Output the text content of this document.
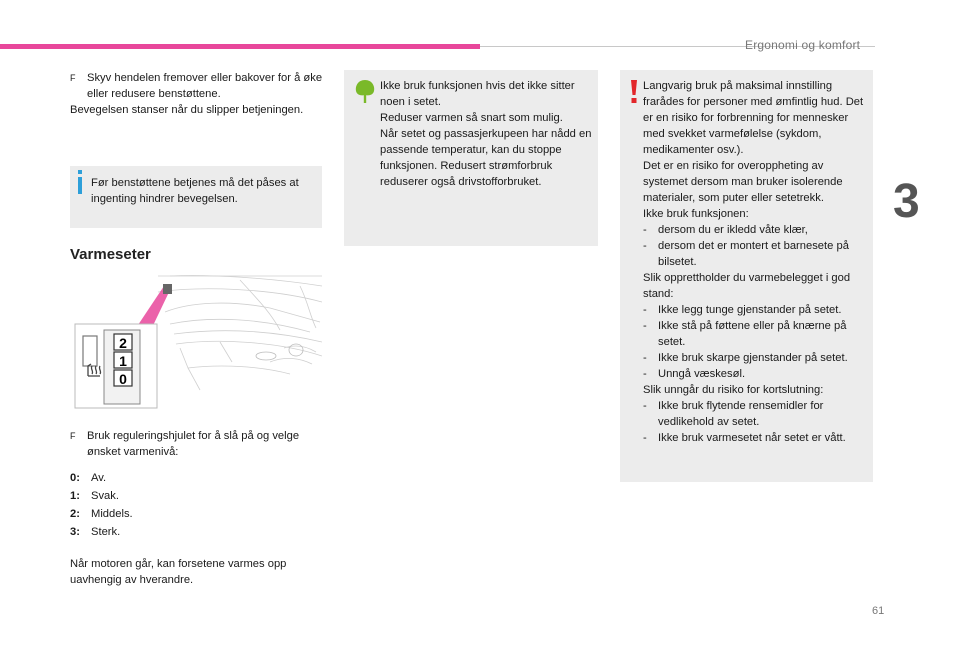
Ergonomi og komfort
3
61
F Skyv hendelen fremover eller bakover for å øke eller redusere benstøttene.
Bevegelsen stanser når du slipper betjeningen.
Før benstøttene betjenes må det påses at ingenting hindrer bevegelsen.
Varmeseter
2
1
0
F Bruk reguleringshjulet for å slå på og velge ønsket varmenivå:
0: Av.
1: Svak.
2: Middels.
3: Sterk.
Når motoren går, kan forsetene varmes opp uavhengig av hverandre.
Ikke bruk funksjonen hvis det ikke sitter noen i setet.
Reduser varmen så snart som mulig.
Når setet og passasjerkupeen har nådd en passende temperatur, kan du stoppe funksjonen. Redusert strømforbruk reduserer også drivstofforbruket.
Langvarig bruk på maksimal innstilling frarådes for personer med ømfintlig hud. Det er en risiko for forbrenning for mennesker med svekket varmefølelse (sykdom, medikamenter osv.).
Det er en risiko for overoppheting av systemet dersom man bruker isolerende materialer, som puter eller setetrekk.
Ikke bruk funksjonen:
- dersom du er ikledd våte klær,
- dersom det er montert et barnesete på bilsetet.
Slik opprettholder du varmebelegget i god stand:
- Ikke legg tunge gjenstander på setet.
- Ikke stå på føttene eller på knærne på setet.
- Ikke bruk skarpe gjenstander på setet.
- Unngå væskesøl.
Slik unngår du risiko for kortslutning:
- Ikke bruk flytende rensemidler for vedlikehold av setet.
- Ikke bruk varmesetet når setet er vått.
